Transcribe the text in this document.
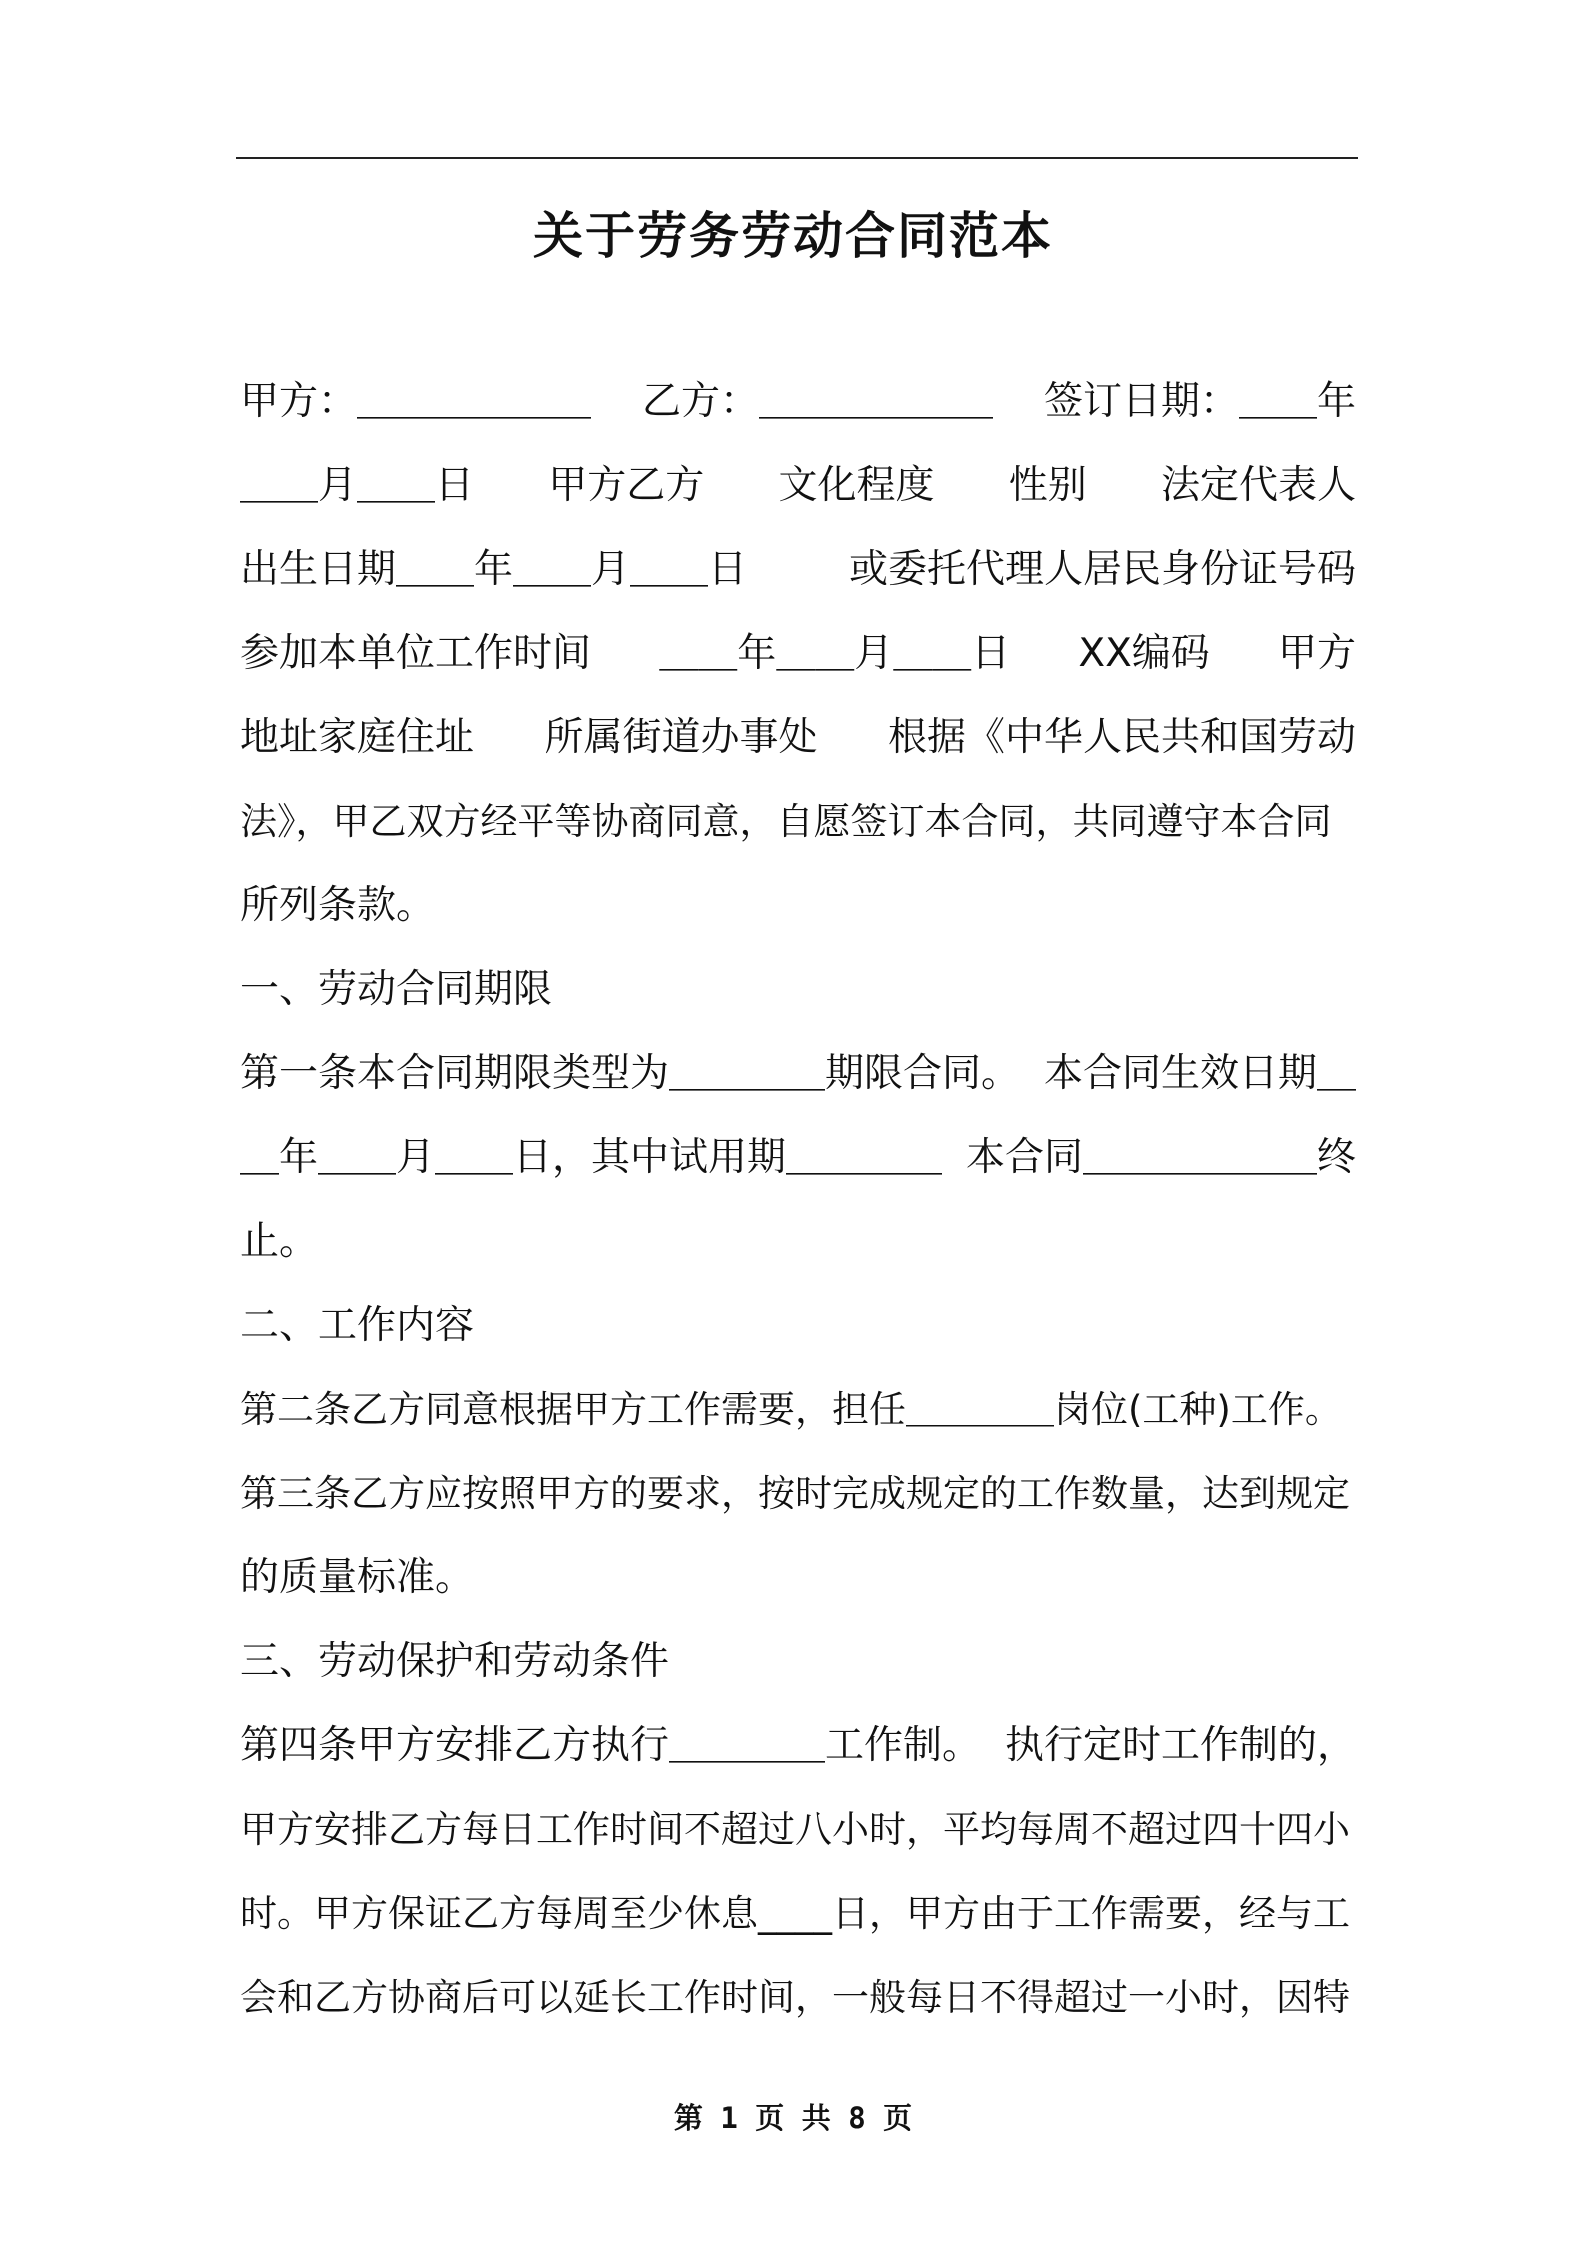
关于劳务劳动合同范本
甲方：＿＿＿＿＿＿ 乙方：＿＿＿＿＿＿ 签订日期：＿＿年
＿＿月＿＿日 甲方乙方 文化程度 性别 法定代表人
出生日期＿＿年＿＿月＿＿日	或委托代理人居民身份证号码
参加本单位工作时间 ＿＿年＿＿月＿＿日 XX编码 甲方
地址家庭住址 所属街道办事处 根据《中华人民共和国劳动
法》，甲乙双方经平等协商同意，自愿签订本合同，共同遵守本合同
所列条款。
一、劳动合同期限
第一条本合同期限类型为＿＿＿＿期限合同。 本合同生效日期＿
＿年＿＿月＿＿日，其中试用期＿＿＿＿ 本合同＿＿＿＿＿＿终
止。
二、工作内容
第二条乙方同意根据甲方工作需要，担任＿＿＿＿岗位(工种)工作。
第三条乙方应按照甲方的要求，按时完成规定的工作数量，达到规定
的质量标准。
三、劳动保护和劳动条件
第四条甲方安排乙方执行＿＿＿＿工作制。 执行定时工作制的，
甲方安排乙方每日工作时间不超过八小时，平均每周不超过四十四小
时。甲方保证乙方每周至少休息____日，甲方由于工作需要，经与工
会和乙方协商后可以延长工作时间，一般每日不得超过一小时，因特
第 1 页 共 8 页
